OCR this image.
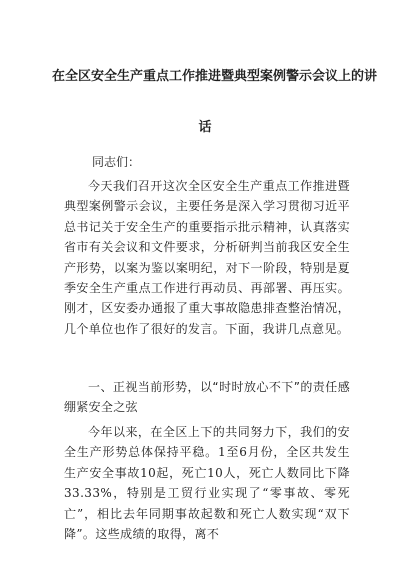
在全区安全生产重点工作推进暨典型案例警示会议上的讲
话
同志们：
今天我们召开这次全区安全生产重点工作推进暨典型案例警示会议，主要任务是深入学习贯彻习近平总书记关于安全生产的重要指示批示精神，认真落实省市有关会议和文件要求，分析研判当前我区安全生产形势，以案为鉴以案明纪，对下一阶段，特别是夏季安全生产重点工作进行再动员、再部署、再压实。刚才，区安委办通报了重大事故隐患排查整治情况，几个单位也作了很好的发言。下面，我讲几点意见。
一、正视当前形势，以“时时放心不下”的责任感绷紧安全之弦
今年以来，在全区上下的共同努力下，我们的安全生产形势总体保持平稳。1至6月份，全区共发生生产安全事故10起，死亡10人，死亡人数同比下降33.33%，特别是工贸行业实现了“零事故、零死亡”，相比去年同期事故起数和死亡人数实现“双下降”。这些成绩的取得，离不
